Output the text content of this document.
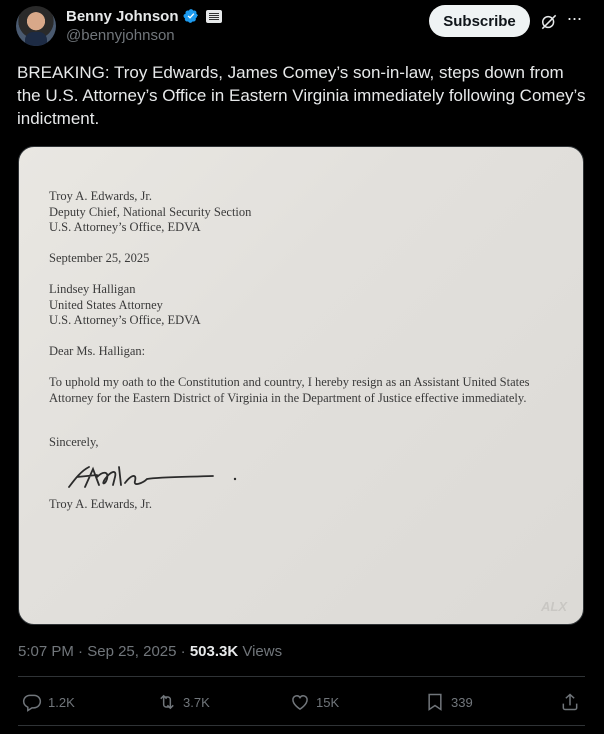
Benny Johnson
@bennyjohnson
Subscribe	···
BREAKING: Troy Edwards, James Comey’s son-in-law, steps down from the U.S. Attorney’s Office in Eastern Virginia immediately following Comey’s indictment.
Troy A. Edwards, Jr.
Deputy Chief, National Security Section
U.S. Attorney’s Office, EDVA
September 25, 2025
Lindsey Halligan
United States Attorney
U.S. Attorney’s Office, EDVA
Dear Ms. Halligan:
To uphold my oath to the Constitution and country, I hereby resign as an Assistant United States
Attorney for the Eastern District of Virginia in the Department of Justice effective immediately.
Sincerely,
Troy A. Edwards, Jr.
ALX
5:07 PM · Sep 25, 2025 · 503.3K Views
1.2K	3.7K	15K	339
